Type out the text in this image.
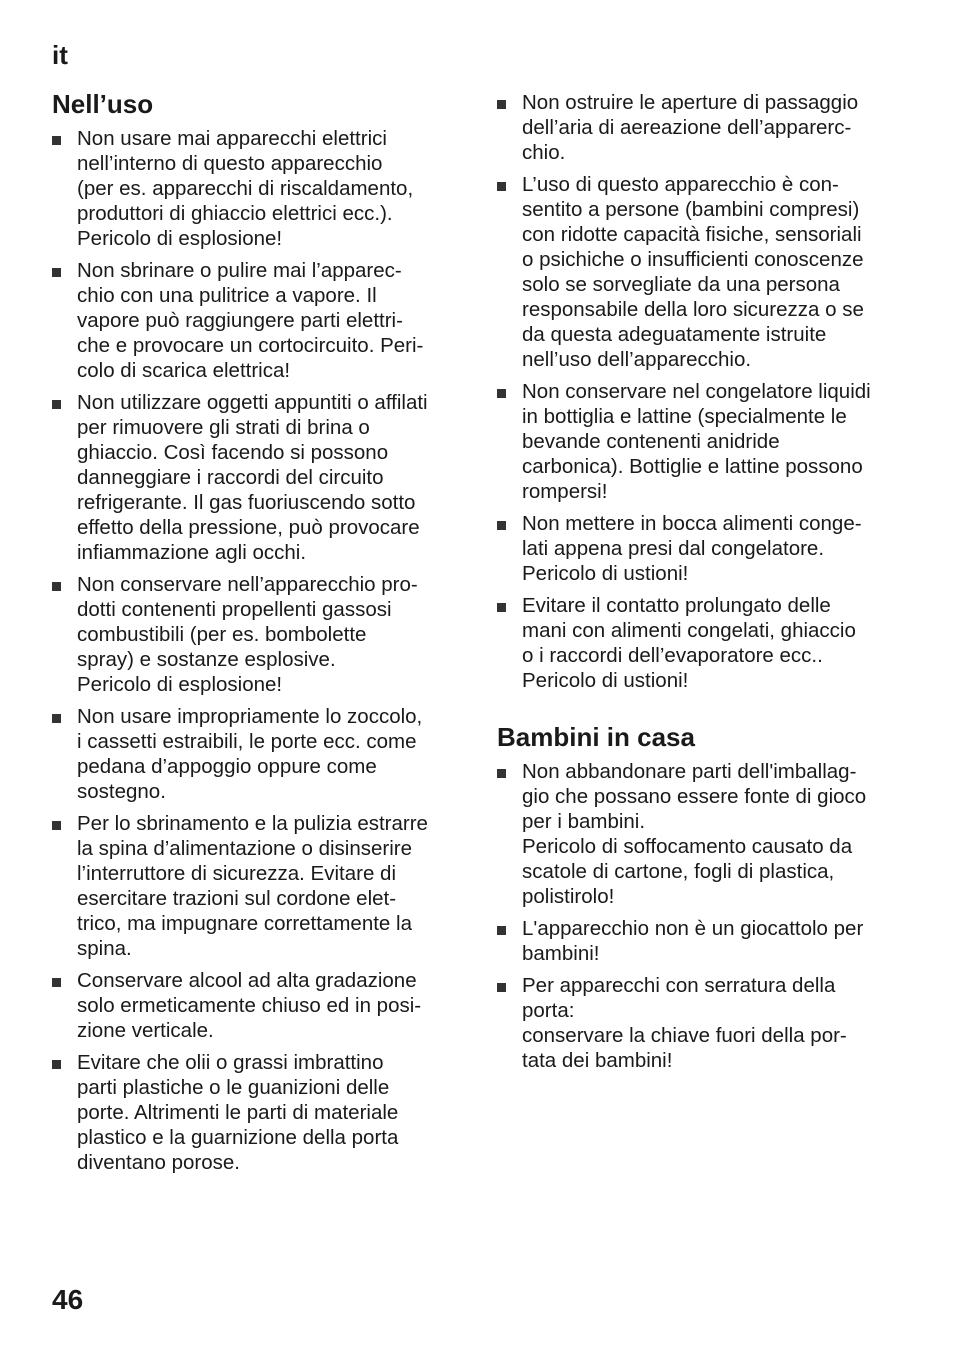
it
Nell’uso
Non usare mai apparecchi elettrici
nell’interno di questo apparecchio
(per es. apparecchi di riscaldamento,
produttori di ghiaccio elettrici ecc.).
Pericolo di esplosione!
Non sbrinare o pulire mai l’apparec-
chio con una pulitrice a vapore. Il
vapore può raggiungere parti elettri-
che e provocare un cortocircuito. Peri-
colo di scarica elettrica!
Non utilizzare oggetti appuntiti o affilati
per rimuovere gli strati di brina o
ghiaccio. Così facendo si possono
danneggiare i raccordi del circuito
refrigerante. Il gas fuoriuscendo sotto
effetto della pressione, può provocare
infiammazione agli occhi.
Non conservare nell’apparecchio pro-
dotti contenenti propellenti gassosi
combustibili (per es. bombolette
spray) e sostanze esplosive.
Pericolo di esplosione!
Non usare impropriamente lo zoccolo,
i cassetti estraibili, le porte ecc. come
pedana d’appoggio oppure come
sostegno.
Per lo sbrinamento e la pulizia estrarre
la spina d’alimentazione o disinserire
l’interruttore di sicurezza. Evitare di
esercitare trazioni sul cordone elet-
trico, ma impugnare correttamente la
spina.
Conservare alcool ad alta gradazione
solo ermeticamente chiuso ed in posi-
zione verticale.
Evitare che olii o grassi imbrattino
parti plastiche o le guanizioni delle
porte. Altrimenti le parti di materiale
plastico e la guarnizione della porta
diventano porose.
Non ostruire le aperture di passaggio
dell’aria di aereazione dell’apparerc-
chio.
L’uso di questo apparecchio è con-
sentito a persone (bambini compresi)
con ridotte capacità fisiche, sensoriali
o psichiche o insufficienti conoscenze
solo se sorvegliate da una persona
responsabile della loro sicurezza o se
da questa adeguatamente istruite
nell’uso dell’apparecchio.
Non conservare nel congelatore liquidi
in bottiglia e lattine (specialmente le
bevande contenenti anidride
carbonica). Bottiglie e lattine possono
rompersi!
Non mettere in bocca alimenti conge-
lati appena presi dal congelatore.
Pericolo di ustioni!
Evitare il contatto prolungato delle
mani con alimenti congelati, ghiaccio
o i raccordi dell’evaporatore ecc..
Pericolo di ustioni!
Bambini in casa
Non abbandonare parti dell'imballag-
gio che possano essere fonte di gioco
per i bambini.
Pericolo di soffocamento causato da
scatole di cartone, fogli di plastica,
polistirolo!
L'apparecchio non è un giocattolo per
bambini!
Per apparecchi con serratura della
porta:
conservare la chiave fuori della por-
tata dei bambini!
46
